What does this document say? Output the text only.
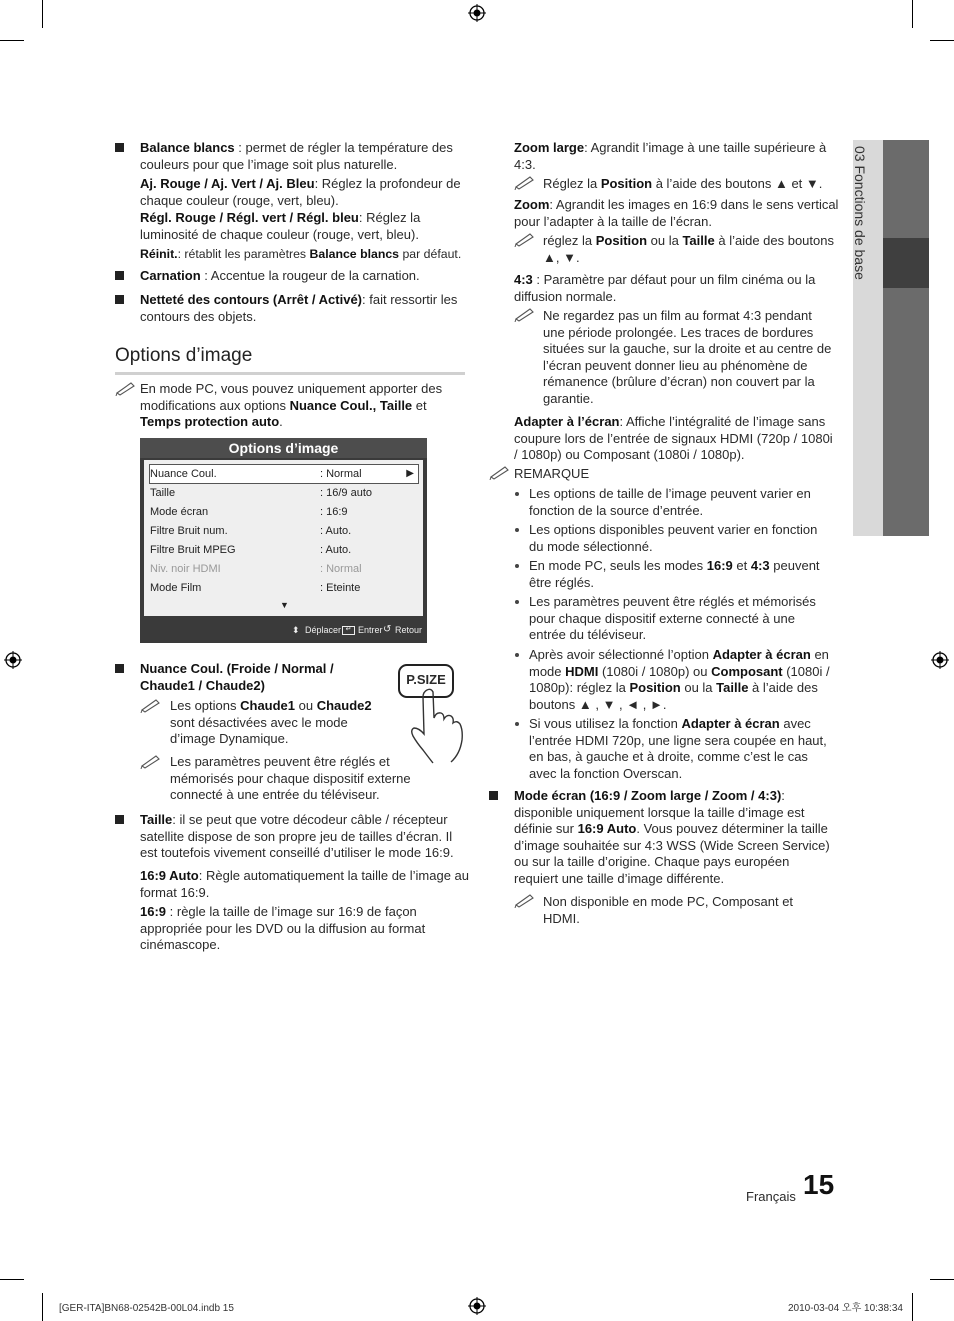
03 Fonctions de base
Balance blancs : permet de régler la température des couleurs pour que l’image soit plus naturelle.
Aj. Rouge / Aj. Vert / Aj. Bleu: Réglez la profondeur de chaque couleur (rouge, vert, bleu).
Régl. Rouge / Régl. vert / Régl. bleu: Réglez la luminosité de chaque couleur (rouge, vert, bleu).
Réinit.: rétablit les paramètres Balance blancs par défaut.
Carnation : Accentue la rougeur de la carnation.
Netteté des contours (Arrêt / Activé): fait ressortir les contours des objets.
Options d’image
En mode PC, vous pouvez uniquement apporter des modifications aux options Nuance Coul., Taille et Temps protection auto.
Options d’image
Nuance Coul.	: Normal	▶
Taille	: 16/9 auto
Mode écran	: 16:9
Filtre Bruit num.	: Auto.
Filtre Bruit MPEG	: Auto.
Niv. noir HDMI	: Normal
Mode Film	: Eteinte
▼
⬍ Déplacer ↵ Entrer ↺ Retour
Nuance Coul. (Froide / Normal / Chaude1 / Chaude2)	P.SIZE
Les options Chaude1 ou Chaude2 sont désactivées avec le mode d’image Dynamique.
Les paramètres peuvent être réglés et mémorisés pour chaque dispositif externe connecté à une entrée du téléviseur.
Taille: il se peut que votre décodeur câble / récepteur satellite dispose de son propre jeu de tailles d’écran. Il est toutefois vivement conseillé d’utiliser le mode 16:9.
16:9 Auto: Règle automatiquement la taille de l’image au format 16:9.
16:9 : règle la taille de l’image sur 16:9 de façon appropriée pour les DVD ou la diffusion au format cinémascope.
Zoom large: Agrandit l’image à une taille supérieure à 4:3.
Réglez la Position à l’aide des boutons ▲ et ▼.
Zoom: Agrandit les images en 16:9 dans le sens vertical pour l’adapter à la taille de l’écran.
réglez la Position ou la Taille à l’aide des boutons ▲, ▼.
4:3 : Paramètre par défaut pour un film cinéma ou la diffusion normale.
Ne regardez pas un film au format 4:3 pendant une période prolongée. Les traces de bordures situées sur la gauche, sur la droite et au centre de l’écran peuvent donner lieu au phénomène de rémanence (brûlure d’écran) non couvert par la garantie.
Adapter à l’écran: Affiche l’intégralité de l’image sans coupure lors de l’entrée de signaux HDMI (720p / 1080i / 1080p) ou Composant (1080i / 1080p).
REMARQUE
Les options de taille de l’image peuvent varier en fonction de la source d’entrée.
Les options disponibles peuvent varier en fonction du mode sélectionné.
En mode PC, seuls les modes 16:9 et 4:3 peuvent être réglés.
Les paramètres peuvent être réglés et mémorisés pour chaque dispositif externe connecté à une entrée du téléviseur.
Après avoir sélectionné l’option Adapter à écran en mode HDMI (1080i / 1080p) ou Composant (1080i / 1080p): réglez la Position ou la Taille à l’aide des boutons ▲ , ▼ , ◄ , ►.
Si vous utilisez la fonction Adapter à écran avec l’entrée HDMI 720p, une ligne sera coupée en haut, en bas, à gauche et à droite, comme c’est le cas avec la fonction Overscan.
Mode écran (16:9 / Zoom large / Zoom / 4:3): disponible uniquement lorsque la taille d’image est définie sur 16:9 Auto. Vous pouvez déterminer la taille d’image souhaitée sur 4:3 WSS (Wide Screen Service) ou sur la taille d’origine. Chaque pays européen requiert une taille d’image différente.
Non disponible en mode PC, Composant et HDMI.
Français 15
[GER-ITA]BN68-02542B-00L04.indb 15	2010-03-04 오후 10:38:34
